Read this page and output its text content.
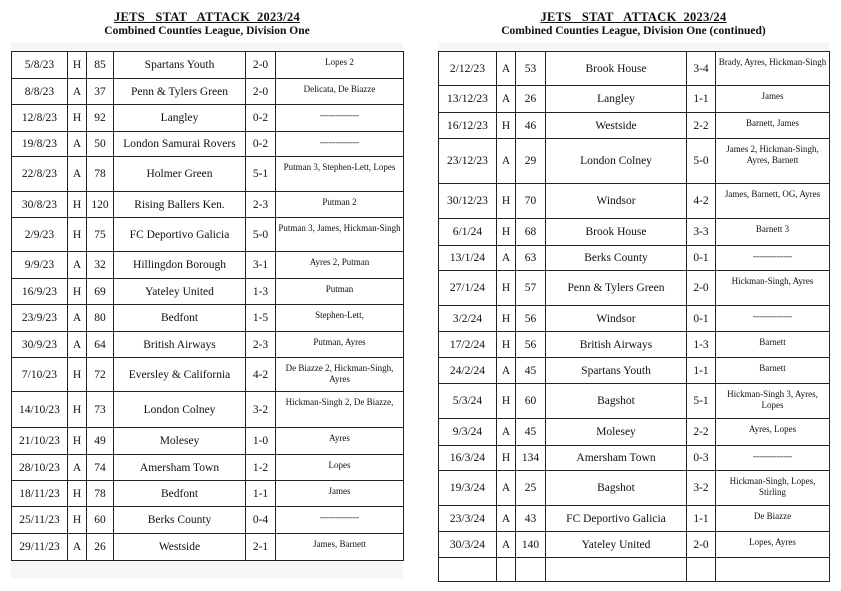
JETS   STAT   ATTACK  2023/24
Combined Counties League, Division One
5/8/23	H	85	Spartans Youth	2-0	Lopes 2
8/8/23	A	37	Penn & Tylers Green	2-0	Delicata, De Biazze
12/8/23	H	92	Langley	0-2	-------------
19/8/23	A	50	London Samurai Rovers	0-2	-------------
22/8/23	A	78	Holmer Green	5-1	Putman 3, Stephen-Lett, Lopes
30/8/23	H	120	Rising Ballers Ken.	2-3	Putman 2
2/9/23	H	75	FC Deportivo Galicia	5-0	Putman 3, James, Hickman-Singh
9/9/23	A	32	Hillingdon Borough	3-1	Ayres 2, Putman
16/9/23	H	69	Yateley United	1-3	Putman
23/9/23	A	80	Bedfont	1-5	Stephen-Lett,
30/9/23	A	64	British Airways	2-3	Putman, Ayres
7/10/23	H	72	Eversley & California	4-2	De Biazze 2, Hickman-Singh, Ayres
14/10/23	H	73	London Colney	3-2	Hickman-Singh 2, De Biazze,
21/10/23	H	49	Molesey	1-0	Ayres
28/10/23	A	74	Amersham Town	1-2	Lopes
18/11/23	H	78	Bedfont	1-1	James
25/11/23	H	60	Berks County	0-4	-------------
29/11/23	A	26	Westside	2-1	James, Barnett
JETS   STAT   ATTACK  2023/24
Combined Counties League, Division One (continued)
2/12/23	A	53	Brook House	3-4	Brady, Ayres, Hickman-Singh
13/12/23	A	26	Langley	1-1	James
16/12/23	H	46	Westside	2-2	Barnett, James
23/12/23	A	29	London Colney	5-0	James 2, Hickman-Singh, Ayres, Barnett
30/12/23	H	70	Windsor	4-2	James, Barnett, OG, Ayres
6/1/24	H	68	Brook House	3-3	Barnett 3
13/1/24	A	63	Berks County	0-1	-------------
27/1/24	H	57	Penn & Tylers Green	2-0	Hickman-Singh, Ayres
3/2/24	H	56	Windsor	0-1	-------------
17/2/24	H	56	British Airways	1-3	Barnett
24/2/24	A	45	Spartans Youth	1-1	Barnett
5/3/24	H	60	Bagshot	5-1	Hickman-Singh 3, Ayres, Lopes
9/3/24	A	45	Molesey	2-2	Ayres, Lopes
16/3/24	H	134	Amersham Town	0-3	-------------
19/3/24	A	25	Bagshot	3-2	Hickman-Singh, Lopes, Stirling
23/3/24	A	43	FC Deportivo Galicia	1-1	De Biazze
30/3/24	A	140	Yateley United	2-0	Lopes, Ayres
